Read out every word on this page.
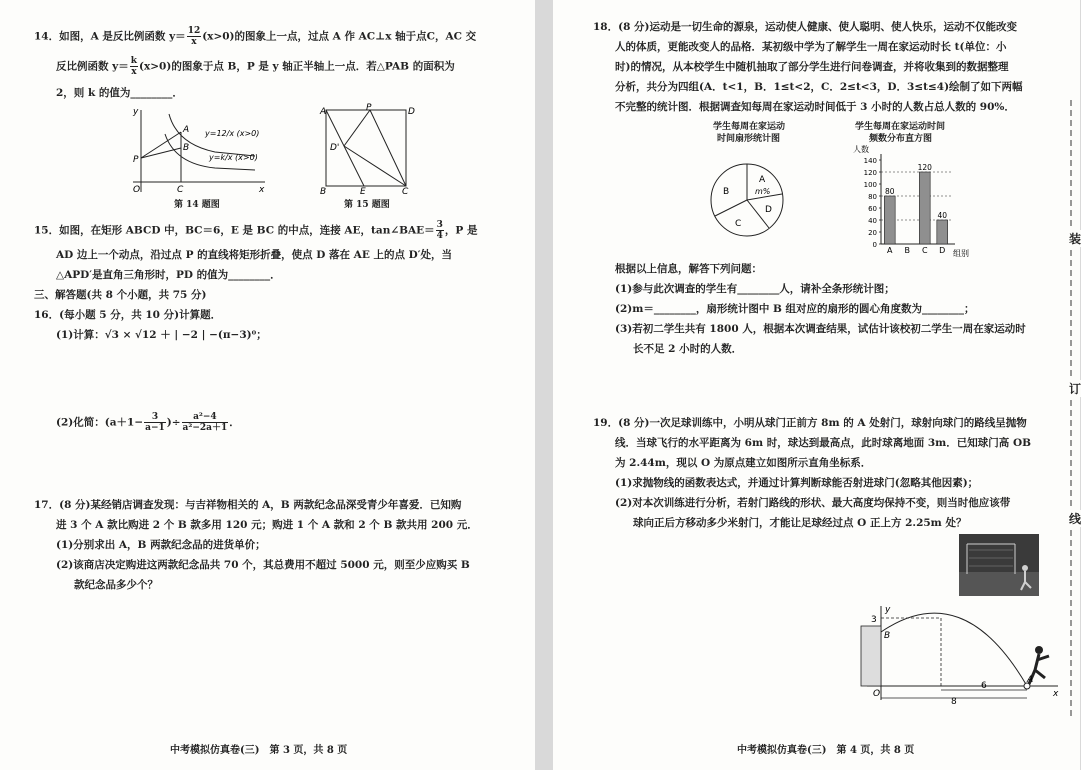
14．如图，A 是反比例函数 $y= \frac{12}{x} (x>0)$的图象上一点，过点 A 作 AC⊥x 轴于点C，AC 交
反比例函数 $y= \frac{k}{x} (x>0)$的图象于点 B，P 是 y 轴正半轴上一点．若△PAB 的面积为
2，则 k 的值为________．
y
x
O
P
A
B
C
y=12/x (x>0)
y=k/x (x>0)
第 14 题图
A	P	D
D'
B	E	C
第 15 题图
15．如图，在矩形 ABCD 中，BC＝6，E 是 BC 的中点，连接 AE，tan∠BAE＝ $\frac{3}{4}$ ，P 是
AD 边上一个动点，沿过点 P 的直线将矩形折叠，使点 D 落在 AE 上的点 D′处，当
△APD′是直角三角形时，PD 的值为________．
三、解答题(共 8 个小题，共 75 分)
16．(每小题 5 分，共 10 分)计算题．
(1)计算：√3 × √12 ＋ | −2 | −(π−3)⁰；
(2)化简：($a+1- \frac{3}{a-1}$ )÷ $\frac{\text{a²−4}}{\text{a²−2a＋1}}$ ．
17．(8 分)某经销店调查发现：与吉祥物相关的 A，B 两款纪念品深受青少年喜爱．已知购
进 3 个 A 款比购进 2 个 B 款多用 120 元；购进 1 个 A 款和 2 个 B 款共用 200 元．
(1)分别求出 A，B 两款纪念品的进货单价；
(2)该商店决定购进这两款纪念品共 70 个，其总费用不超过 5000 元，则至少应购买 B
款纪念品多少个？
中考模拟仿真卷(三)　第 3 页，共 8 页
18．(8 分)运动是一切生命的源泉，运动使人健康、使人聪明、使人快乐，运动不仅能改变
人的体质，更能改变人的品格．某初级中学为了解学生一周在家运动时长 t(单位：小
时)的情况，从本校学生中随机抽取了部分学生进行问卷调查，并将收集到的数据整理
分析，共分为四组(A．t<1，B．1≤t<2，C．2≤t<3，D．3≤t≤4)绘制了如下两幅
不完整的统计图．根据调查知每周在家运动时间低于 3 小时的人数占总人数的 90%．
学生每周在家运动
时间扇形统计图
A
m%
B
C
D
学生每周在家运动时间
频数分布直方图
人数
0
20
40
60
80
100
120
140
A
80
B C
120
D
40
组别
根据以上信息，解答下列问题：
(1)参与此次调查的学生有________人，请补全条形统计图；
(2)m＝________，扇形统计图中 B 组对应的扇形的圆心角度数为________；
(3)若初二学生共有 1800 人，根据本次调查结果，试估计该校初二学生一周在家运动时
长不足 2 小时的人数．
19．(8 分)一次足球训练中，小明从球门正前方 8m 的 A 处射门，球射向球门的路线呈抛物
线．当球飞行的水平距离为 6m 时，球达到最高点，此时球离地面 3m．已知球门高 OB
为 2.44m，现以 O 为原点建立如图所示直角坐标系．
(1)求抛物线的函数表达式，并通过计算判断球能否射进球门(忽略其他因素)；
(2)对本次训练进行分析，若射门路线的形状、最大高度均保持不变，则当时他应该带
球向正后方移动多少米射门，才能让足球经过点 O 正上方 2.25m 处？
y
x
O
B
A
3
6
8
装
订
线
中考模拟仿真卷(三)　第 4 页，共 8 页
